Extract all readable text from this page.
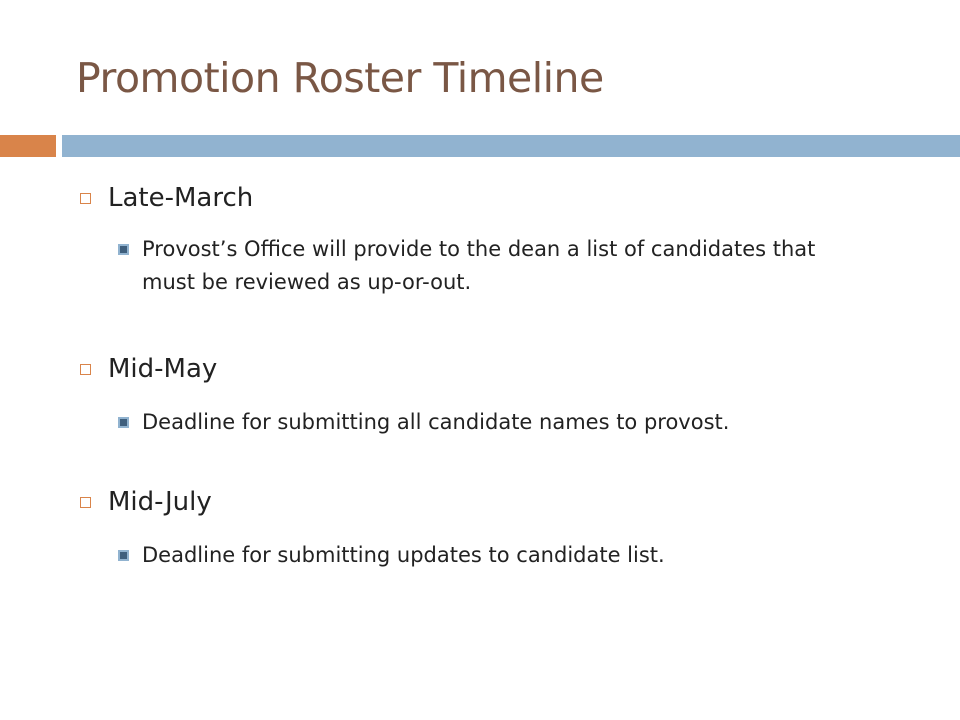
Promotion Roster Timeline
Late-March
Provost’s Office will provide to the dean a list of candidates that must be reviewed as up-or-out.
Mid-May
Deadline for submitting all candidate names to provost.
Mid-July
Deadline for submitting updates to candidate list.
